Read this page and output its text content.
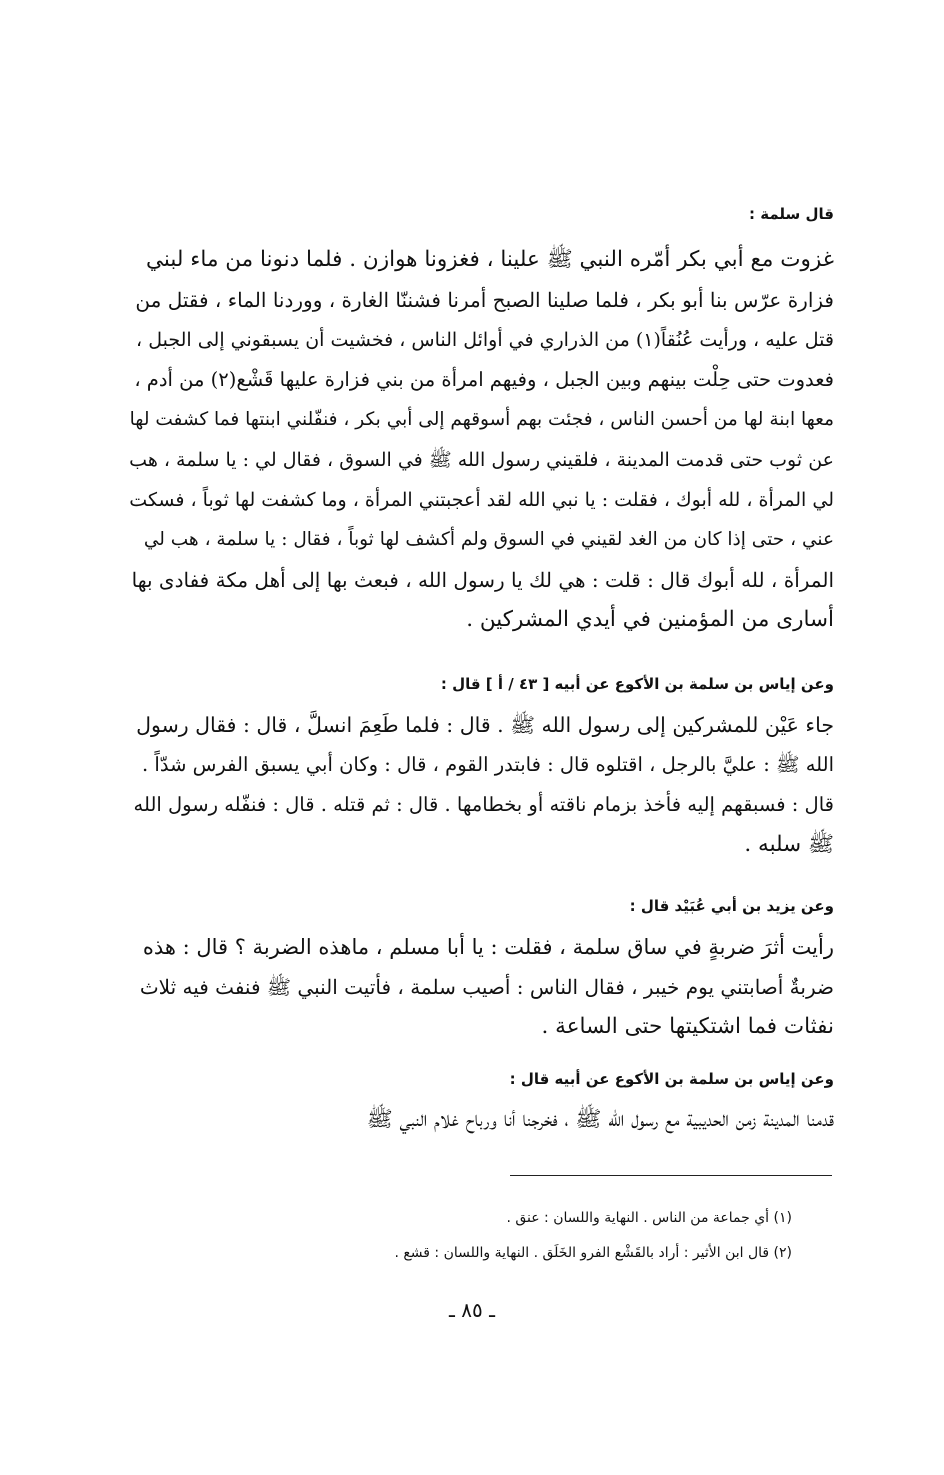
قال سلمة :
غزوت مع أبي بكر أمّره النبي ﷺ علينا ، فغزونا هوازن . فلما دنونا من ماء لبني
فزارة عرّس بنا أبو بكر ، فلما صلينا الصبح أمرنا فشننّا الغارة ، ووردنا الماء ، فقتل من
قتل عليه ، ورأيت عُنُقاً(١) من الذراري في أوائل الناس ، فخشيت أن يسبقوني إلى الجبل ،
فعدوت حتى حِلْت بينهم وبين الجبل ، وفيهم امرأة من بني فزارة عليها قَشْع(٢) من أدم ،
معها ابنة لها من أحسن الناس ، فجئت بهم أسوقهم إلى أبي بكر ، فنفّلني ابنتها فما كشفت لها
عن ثوب حتى قدمت المدينة ، فلقيني رسول الله ﷺ في السوق ، فقال لي : يا سلمة ، هب
لي المرأة ، لله أبوك ، فقلت : يا نبي الله لقد أعجبتني المرأة ، وما كشفت لها ثوباً ، فسكت
عني ، حتى إذا كان من الغد لقيني في السوق ولم أكشف لها ثوباً ، فقال : يا سلمة ، هب لي
المرأة ، لله أبوك قال : قلت : هي لك يا رسول الله ، فبعث بها إلى أهل مكة ففادى بها
أسارى من المؤمنين في أيدي المشركين .
وعن إياس بن سلمة بن الأكوع عن أبيه [ ٤٣ / أ ] قال :
جاء عَيْن للمشركين إلى رسول الله ﷺ . قال : فلما طَعِمَ انسلَّ ، قال : فقال رسول
الله ﷺ : عليَّ بالرجل ، اقتلوه قال : فابتدر القوم ، قال : وكان أبي يسبق الفرس شدّاً .
قال : فسبقهم إليه فأخذ بزمام ناقته أو بخطامها . قال : ثم قتله . قال : فنفّله رسول الله
ﷺ سلبه .
وعن يزيد بن أبي عُبَيْد قال :
رأيت أثرَ ضربةٍ في ساق سلمة ، فقلت : يا أبا مسلم ، ماهذه الضربة ؟ قال : هذه
ضربةٌ أصابتني يوم خيبر ، فقال الناس : أصيب سلمة ، فأتيت النبي ﷺ فنفث فيه ثلاث
نفثات فما اشتكيتها حتى الساعة .
وعن إياس بن سلمة بن الأكوع عن أبيه قال :
قدمنا المدينة زمن الحديبية مع رسول الله ﷺ ، فخرجنا أنا ورباح غلام النبي ﷺ
(١) أي جماعة من الناس . النهاية واللسان : عنق .
(٢) قال ابن الأثير : أراد بالقَشْع الفرو الخَلَق . النهاية واللسان : قشع .
ـ ٨٥ ـ
